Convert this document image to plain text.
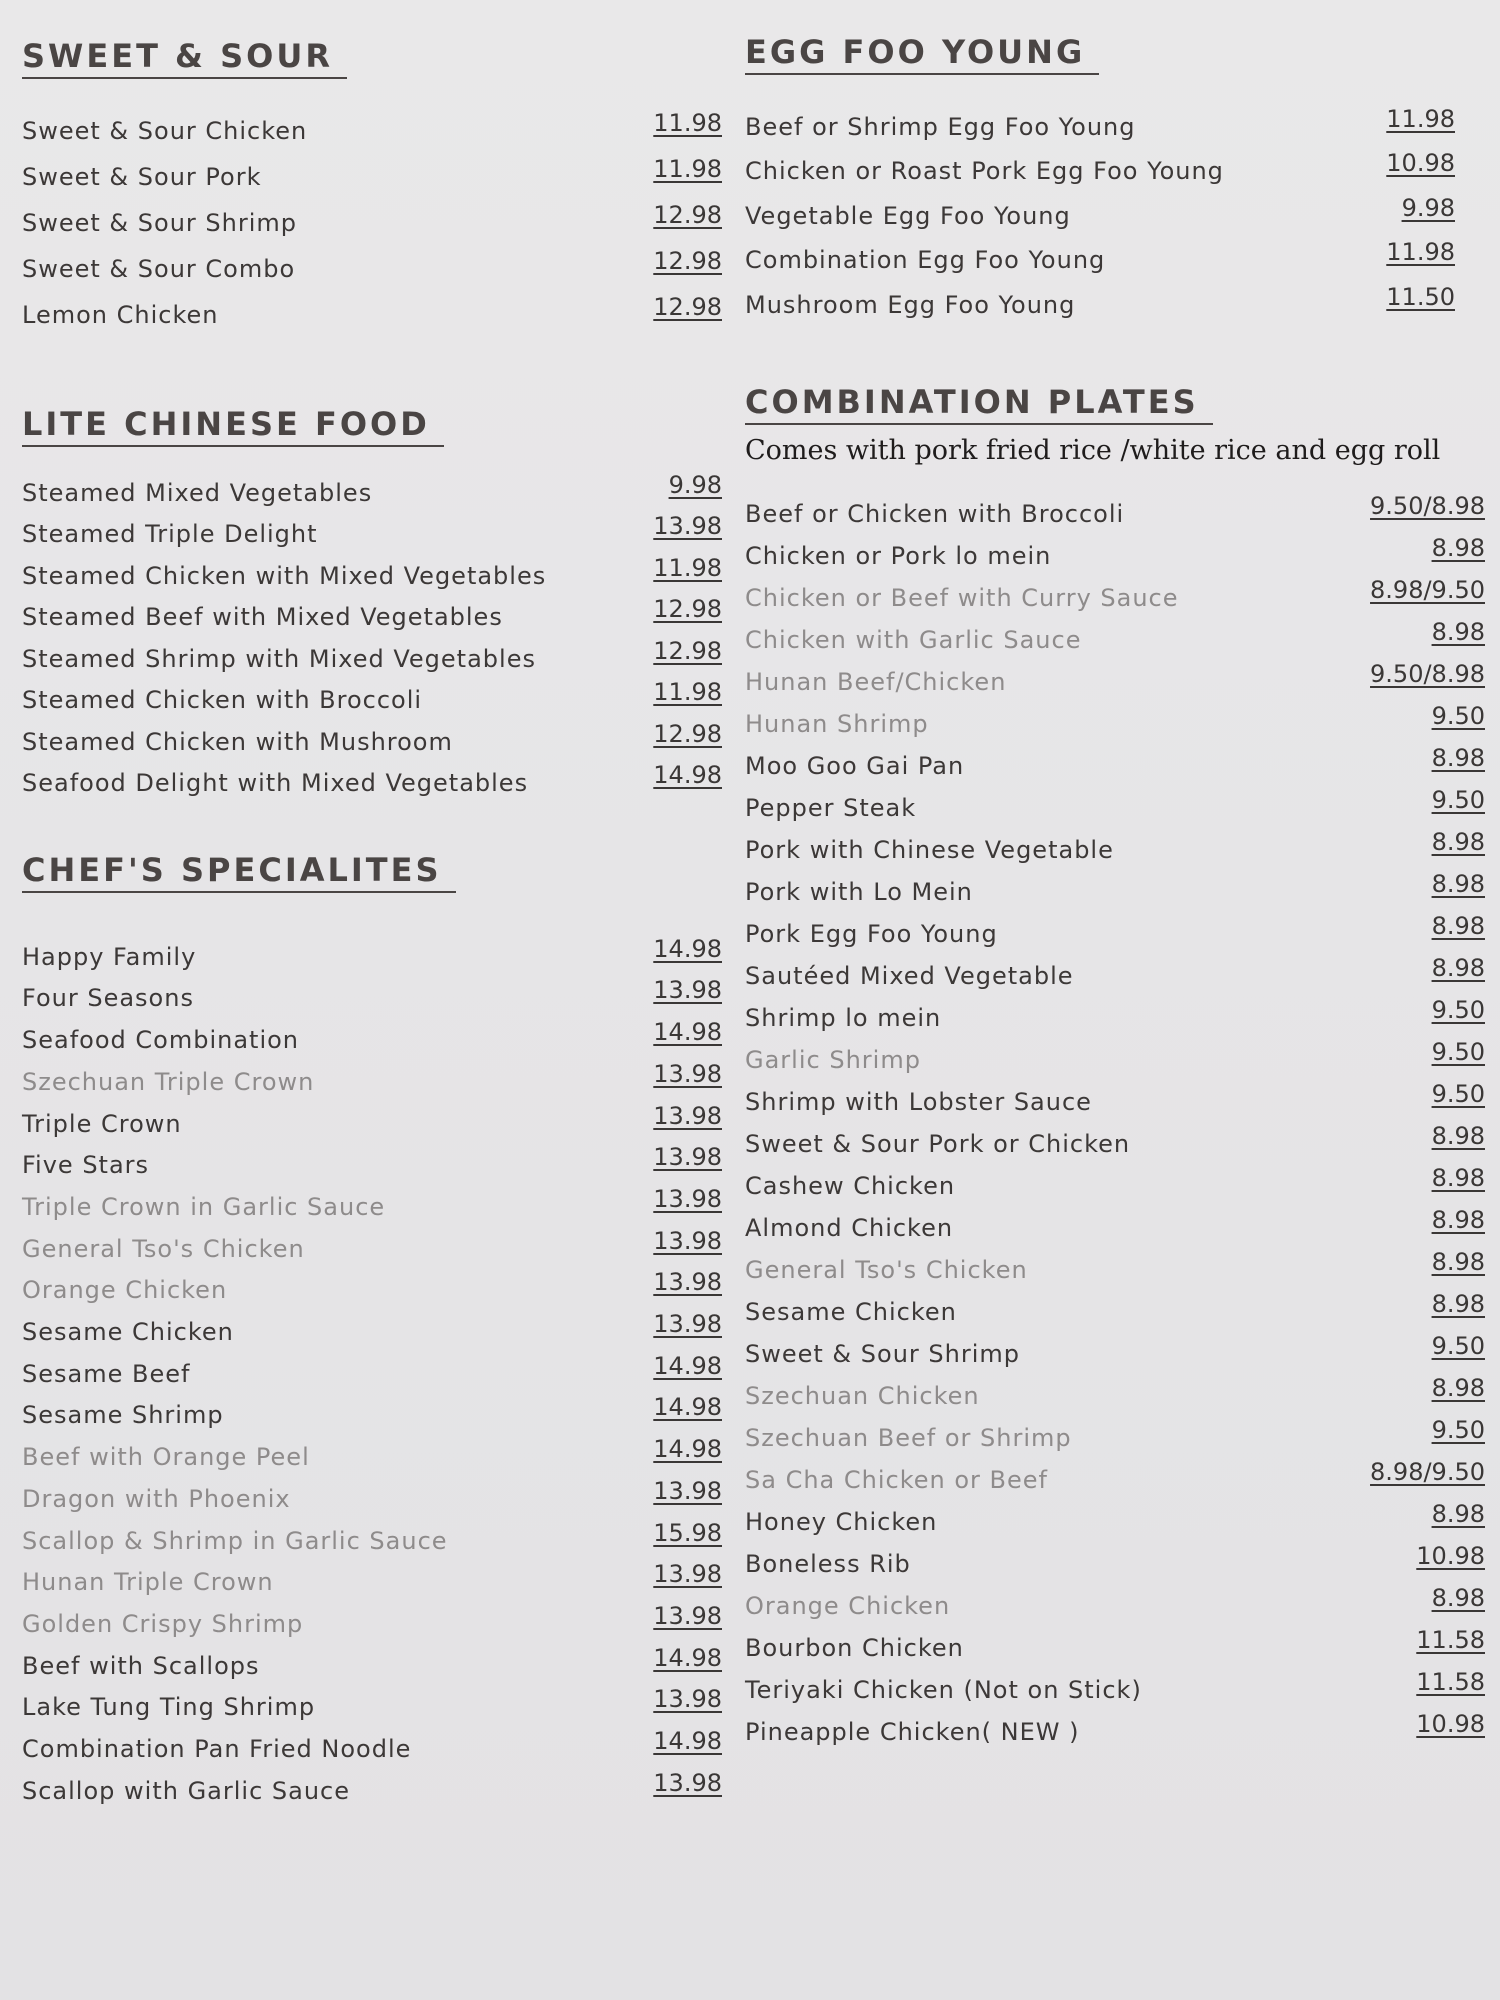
SWEET & SOUR
Sweet & Sour Chicken	11.98
Sweet & Sour Pork	11.98
Sweet & Sour Shrimp	12.98
Sweet & Sour Combo	12.98
Lemon Chicken	12.98
LITE CHINESE FOOD
Steamed Mixed Vegetables	9.98
Steamed Triple Delight	13.98
Steamed Chicken with Mixed Vegetables	11.98
Steamed Beef with Mixed Vegetables	12.98
Steamed Shrimp with Mixed Vegetables	12.98
Steamed Chicken with Broccoli	11.98
Steamed Chicken with Mushroom	12.98
Seafood Delight with Mixed Vegetables	14.98
CHEF'S SPECIALITES
Happy Family	14.98
Four Seasons	13.98
Seafood Combination	14.98
Szechuan Triple Crown	13.98
Triple Crown	13.98
Five Stars	13.98
Triple Crown in Garlic Sauce	13.98
General Tso's Chicken	13.98
Orange Chicken	13.98
Sesame Chicken	13.98
Sesame Beef	14.98
Sesame Shrimp	14.98
Beef with Orange Peel	14.98
Dragon with Phoenix	13.98
Scallop & Shrimp in Garlic Sauce	15.98
Hunan Triple Crown	13.98
Golden Crispy Shrimp	13.98
Beef with Scallops	14.98
Lake Tung Ting Shrimp	13.98
Combination Pan Fried Noodle	14.98
Scallop with Garlic Sauce	13.98
EGG FOO YOUNG
Beef or Shrimp Egg Foo Young	11.98
Chicken or Roast Pork Egg Foo Young	10.98
Vegetable Egg Foo Young	9.98
Combination Egg Foo Young	11.98
Mushroom Egg Foo Young	11.50
COMBINATION PLATES
Comes with pork fried rice /white rice and egg roll
Beef or Chicken with Broccoli	9.50/8.98
Chicken or Pork lo mein	8.98
Chicken or Beef with Curry Sauce	8.98/9.50
Chicken with Garlic Sauce	8.98
Hunan Beef/Chicken	9.50/8.98
Hunan Shrimp	9.50
Moo Goo Gai Pan	8.98
Pepper Steak	9.50
Pork with Chinese Vegetable	8.98
Pork with Lo Mein	8.98
Pork Egg Foo Young	8.98
Sautéed Mixed Vegetable	8.98
Shrimp lo mein	9.50
Garlic Shrimp	9.50
Shrimp with Lobster Sauce	9.50
Sweet & Sour Pork or Chicken	8.98
Cashew Chicken	8.98
Almond Chicken	8.98
General Tso's Chicken	8.98
Sesame Chicken	8.98
Sweet & Sour Shrimp	9.50
Szechuan Chicken	8.98
Szechuan Beef or Shrimp	9.50
Sa Cha Chicken or Beef	8.98/9.50
Honey Chicken	8.98
Boneless Rib	10.98
Orange Chicken	8.98
Bourbon Chicken	11.58
Teriyaki Chicken (Not on Stick)	11.58
Pineapple Chicken( NEW )	10.98
